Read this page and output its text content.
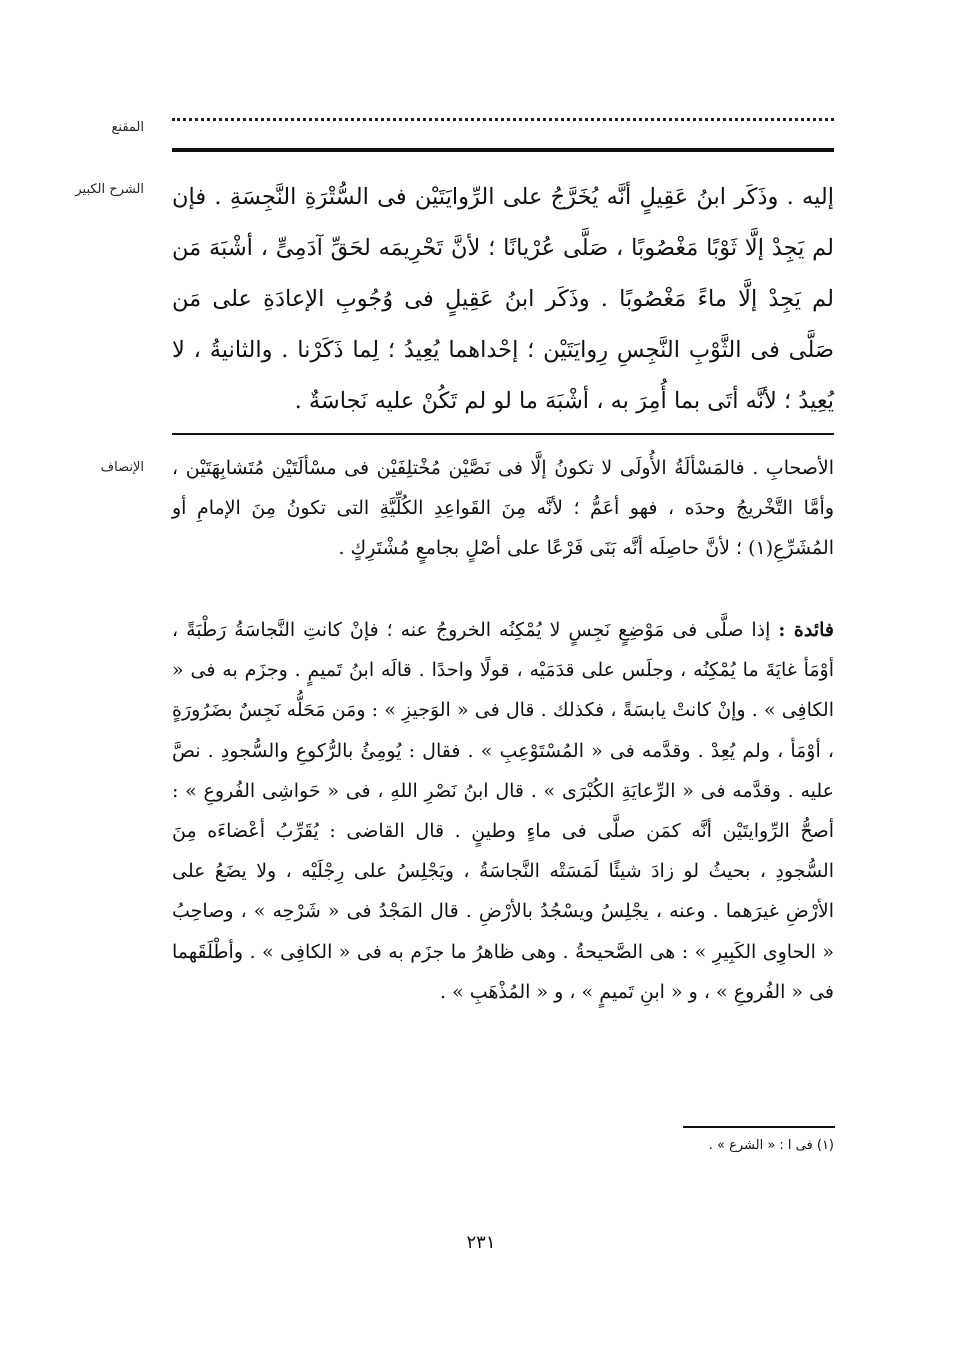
المقنع
الشرح الكبير إليه . وذَكَر ابنُ عَقِيلٍ أنَّه يُخَرَّجُ على الرِّوايَتَيْن فى السُّتْرَةِ النَّجِسَةِ . فإن لم يَجِدْ إلَّا ثَوْبًا مَغْصُوبًا ، صَلَّى عُرْيانًا ؛ لأنَّ تَحْرِيمَه لحَقِّ آدَمِىٍّ ، أشْبَهَ مَن لم يَجِدْ إلَّا ماءً مَغْصُوبًا . وذَكَر ابنُ عَقِيلٍ فى وُجُوبِ الإعادَةِ على مَن صَلَّى فى الثَّوْبِ النَّجِسِ رِوايَتَيْن ؛ إحْداهما يُعِيدُ ؛ لِما ذَكَرْنا . والثانيةُ ، لا يُعِيدُ ؛ لأنَّه أتَى بما أُمِرَ به ، أشْبَهَ ما لو لم تَكُنْ عليه نَجاسَةٌ .

الإنصاف الأصحابِ . فالمَسْألَةُ الأُولَى لا تكونُ إلَّا فى نَصَّيْن مُخْتلِفَيْن فى مسْألَتَيْن مُتَشابِهَتَيْن ، وأمَّا التَّخْريجُ وحدَه ، فهو أعَمُّ ؛ لأنَّه مِنَ القَواعِدِ الكُلِّيَّةِ التى تكونُ مِنَ الإمامِ أو المُشَرِّعِ(١) ؛ لأنَّ حاصِلَه أنَّه بَنَى فَرْعًا على أصْلٍ بجامعٍ مُشْتَرِكٍ .

فائدة : إذا صلَّى فى مَوْضِعٍ نَجِسٍ لا يُمْكِنُه الخروجُ عنه ؛ فإنْ كانتِ النَّجاسَةُ رَطْبَةً ، أوْمَأ غايَةَ ما يُمْكِنُه ، وجلَس على قدَمَيْه ، قولًا واحدًا . قالَه ابنُ تَميمٍ . وجزَم به فى « الكافِى » . وإنْ كانتْ يابسَةً ، فكذلك . قال فى « الوَجيزِ » : ومَن مَحَلُّه نَجِسٌ بضَرُورَةٍ ، أوْمَأ ، ولم يُعِدْ . وقدَّمه فى « المُسْتَوْعِبِ » . فقال : يُومِئُ بالرُّكوعِ والسُّجودِ . نصَّ عليه . وقدَّمه فى « الرِّعايَةِ الكُبْرَى » . قال ابنُ نَصْرِ اللهِ ، فى « حَواشِى الفُروعِ » : أصحُّ الرِّوايتَيْن أنَّه كمَن صلَّى فى ماءٍ وطينٍ . قال القاضى : يُقَرِّبُ أعْضاءَه مِنَ السُّجودِ ، بحيثُ لو زادَ شيئًا لَمَسَتْه النَّجاسَةُ ، ويَجْلِسُ على رِجْلَيْه ، ولا يضَعُ على الأرْضِ غيرَهما . وعنه ، يجْلِسُ ويسْجُدُ بالأرْضِ . قال المَجْدُ فى « شَرْحِه » ، وصاحِبُ « الحاوِى الكَبِيرِ » : هى الصَّحيحةُ . وهى ظاهرُ ما جزَم به فى « الكافِى » . وأطْلَقَهما فى « الفُروعِ » ، و « ابنِ تَميمٍ » ، و « المُذْهَبِ » .

(١) فى ا : « الشرع » .
٢٣١
